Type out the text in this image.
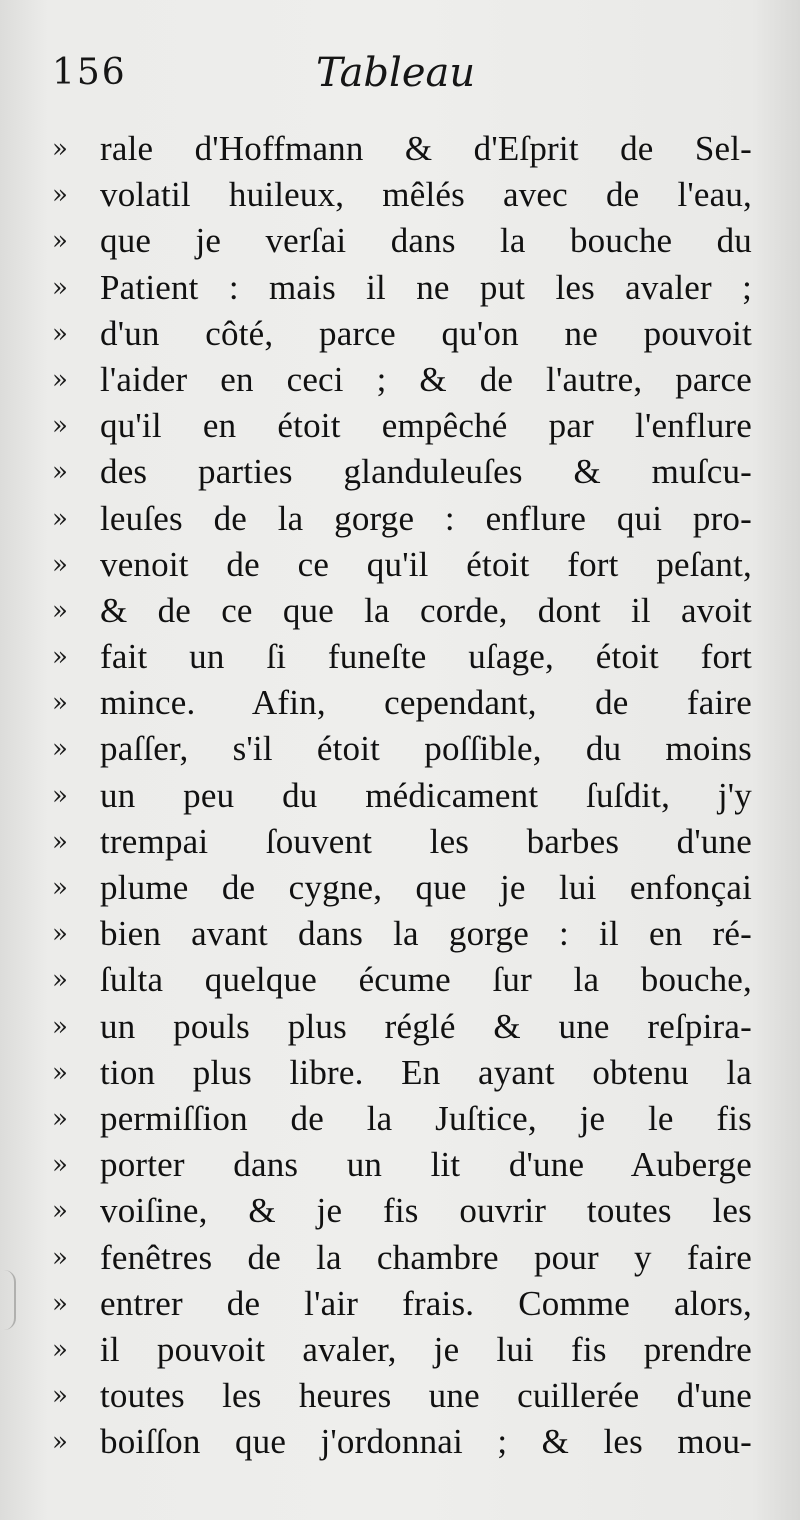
156	Tableau
» rale d'Hoffmann & d'Eſprit de Sel-
» volatil huileux, mêlés avec de l'eau,
» que je verſai dans la bouche du
» Patient : mais il ne put les avaler ;
» d'un côté, parce qu'on ne pouvoit
» l'aider en ceci ; & de l'autre, parce
» qu'il en étoit empêché par l'enflure
» des parties glanduleuſes & muſcu-
» leuſes de la gorge : enflure qui pro-
» venoit de ce qu'il étoit fort peſant,
» & de ce que la corde, dont il avoit
» fait un ſi funeſte uſage, étoit fort
» mince. Afin, cependant, de faire
» paſſer, s'il étoit poſſible, du moins
» un peu du médicament ſuſdit, j'y
» trempai ſouvent les barbes d'une
» plume de cygne, que je lui enfonçai
» bien avant dans la gorge : il en ré-
» ſulta quelque écume ſur la bouche,
» un pouls plus réglé & une reſpira-
» tion plus libre. En ayant obtenu la
» permiſſion de la Juſtice, je le fis
» porter dans un lit d'une Auberge
» voiſine, & je fis ouvrir toutes les
» fenêtres de la chambre pour y faire
» entrer de l'air frais. Comme alors,
» il pouvoit avaler, je lui fis prendre
» toutes les heures une cuillerée d'une
» boiſſon que j'ordonnai ; & les mou-
